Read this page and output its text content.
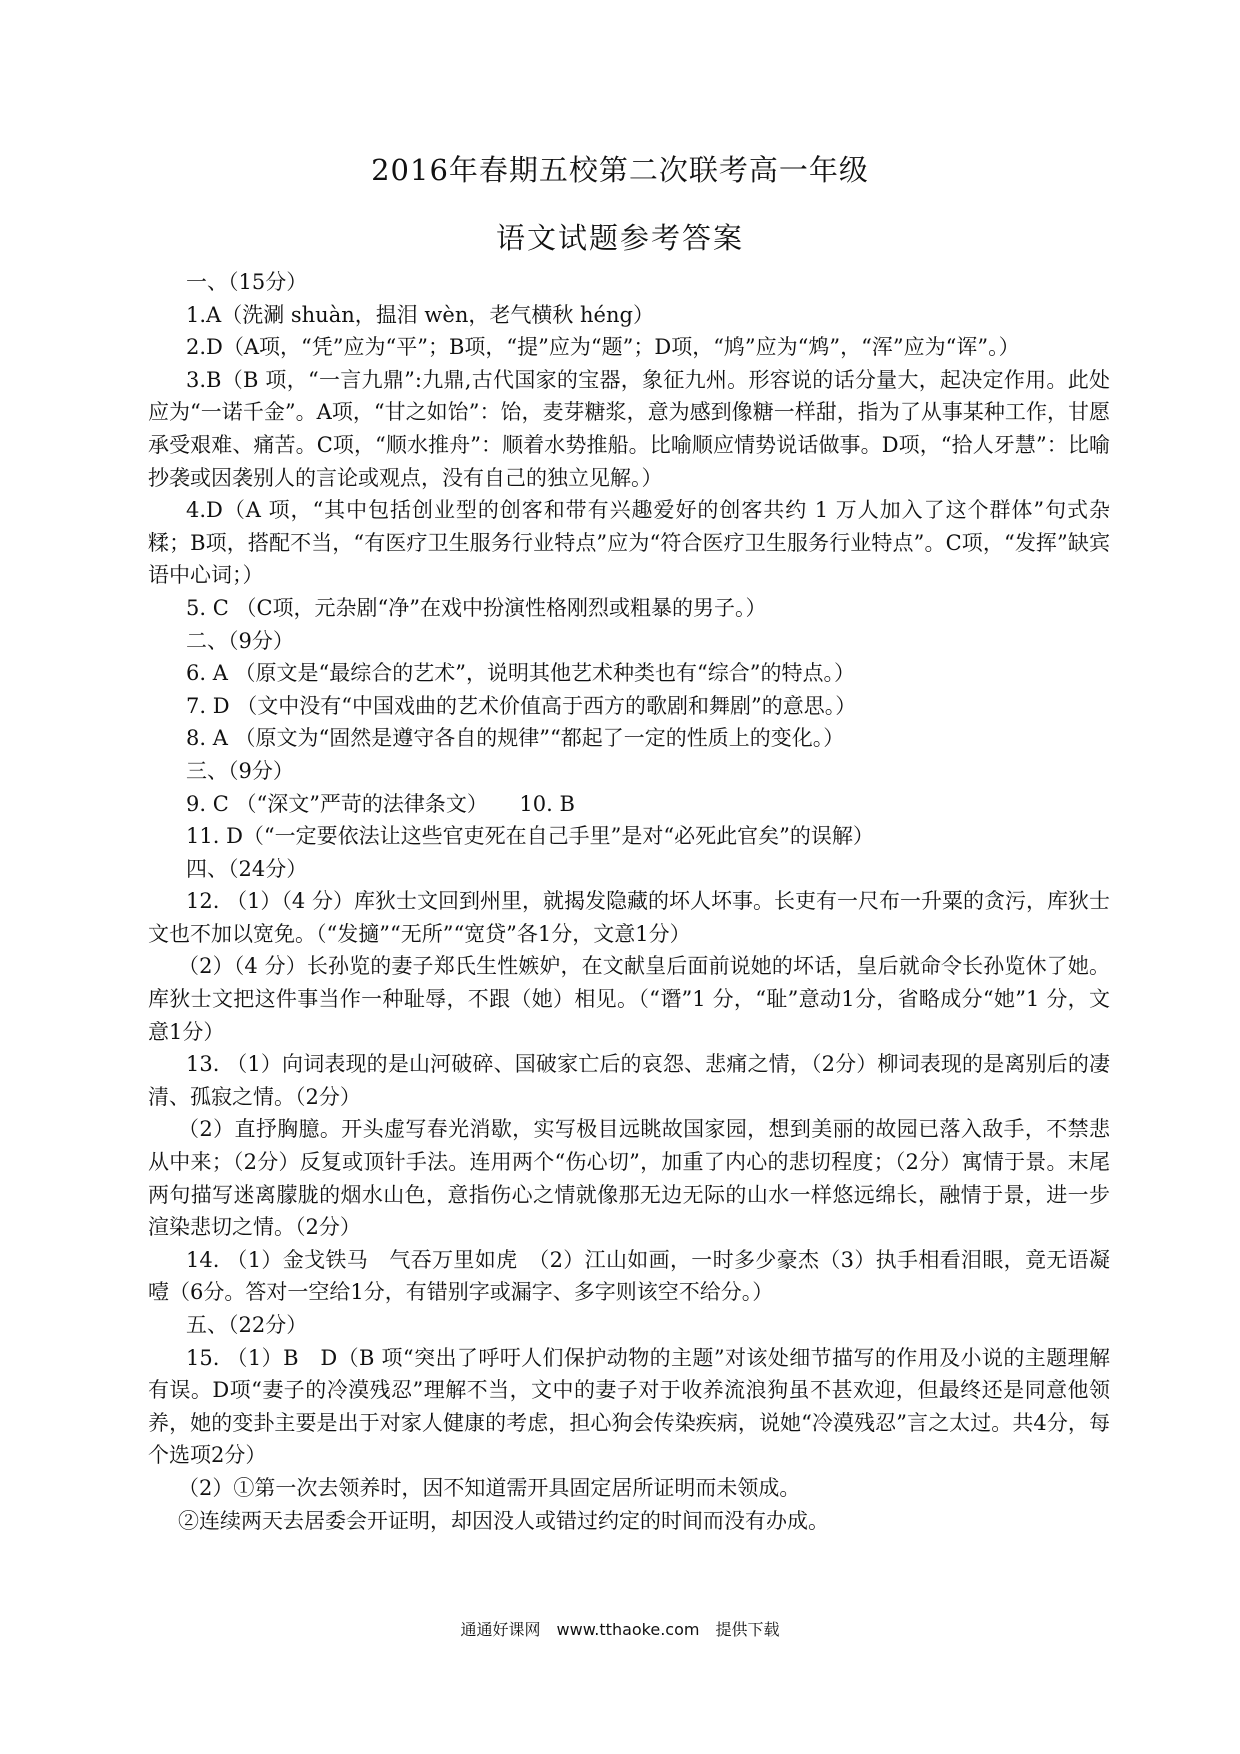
2016年春期五校第二次联考高一年级
语文试题参考答案

一、（15分）

1.A（洗涮 shuàn，揾泪 wèn，老气横秋 héng）

2.D（A项，“凭”应为“平”；B项，“提”应为“题”；D项，“鸠”应为“鸩”，“浑”应为“诨”。）

3.B（B 项，“一言九鼎”:九鼎,古代国家的宝器，象征九州。形容说的话分量大，起决定作用。此处应为“一诺千金”。A项，“甘之如饴”：饴，麦芽糖浆，意为感到像糖一样甜，指为了从事某种工作，甘愿承受艰难、痛苦。C项，“顺水推舟”：顺着水势推船。比喻顺应情势说话做事。D项，“拾人牙慧”：比喻抄袭或因袭别人的言论或观点，没有自己的独立见解。）

4.D（A 项，“其中包括创业型的创客和带有兴趣爱好的创客共约 1 万人加入了这个群体”句式杂糅；B项，搭配不当，“有医疗卫生服务行业特点”应为“符合医疗卫生服务行业特点”。C项，“发挥”缺宾语中心词；）

5. C （C项，元杂剧“净”在戏中扮演性格刚烈或粗暴的男子。）

二、（9分）

6. A （原文是“最综合的艺术”，说明其他艺术种类也有“综合”的特点。）

7. D （文中没有“中国戏曲的艺术价值高于西方的歌剧和舞剧”的意思。）

8. A （原文为“固然是遵守各自的规律”“都起了一定的性质上的变化。）

三、（9分）

9. C （“深文”严苛的法律条文）　　10. B

11. D（“一定要依法让这些官吏死在自己手里”是对“必死此官矣”的误解）

四、（24分）

12. （1）（4 分）库狄士文回到州里，就揭发隐藏的坏人坏事。长吏有一尺布一升粟的贪污，库狄士文也不加以宽免。（“发擿”“无所”“宽贷”各1分，文意1分）

（2）（4 分）长孙览的妻子郑氏生性嫉妒，在文献皇后面前说她的坏话，皇后就命令长孙览休了她。库狄士文把这件事当作一种耻辱，不跟（她）相见。（“谮”1 分，“耻”意动1分，省略成分“她”1 分，文意1分）

13. （1）向词表现的是山河破碎、国破家亡后的哀怨、悲痛之情，（2分）柳词表现的是离别后的凄清、孤寂之情。（2分）

（2）直抒胸臆。开头虚写春光消歇，实写极目远眺故国家园，想到美丽的故园已落入敌手，不禁悲从中来；（2分）反复或顶针手法。连用两个“伤心切”，加重了内心的悲切程度；（2分）寓情于景。末尾两句描写迷离朦胧的烟水山色，意指伤心之情就像那无边无际的山水一样悠远绵长，融情于景，进一步渲染悲切之情。（2分）

14. （1）金戈铁马　气吞万里如虎　（2）江山如画，一时多少豪杰（3）执手相看泪眼，竟无语凝噎（6分。答对一空给1分，有错别字或漏字、多字则该空不给分。）

五、（22分）

15. （1）B　D（B 项“突出了呼吁人们保护动物的主题”对该处细节描写的作用及小说的主题理解有误。D项“妻子的冷漠残忍”理解不当，文中的妻子对于收养流浪狗虽不甚欢迎，但最终还是同意他领养，她的变卦主要是出于对家人健康的考虑，担心狗会传染疾病，说她“冷漠残忍”言之太过。共4分，每个选项2分）

（2）①第一次去领养时，因不知道需开具固定居所证明而未领成。

②连续两天去居委会开证明，却因没人或错过约定的时间而没有办成。

通通好课网　www.tthaoke.com　提供下载
